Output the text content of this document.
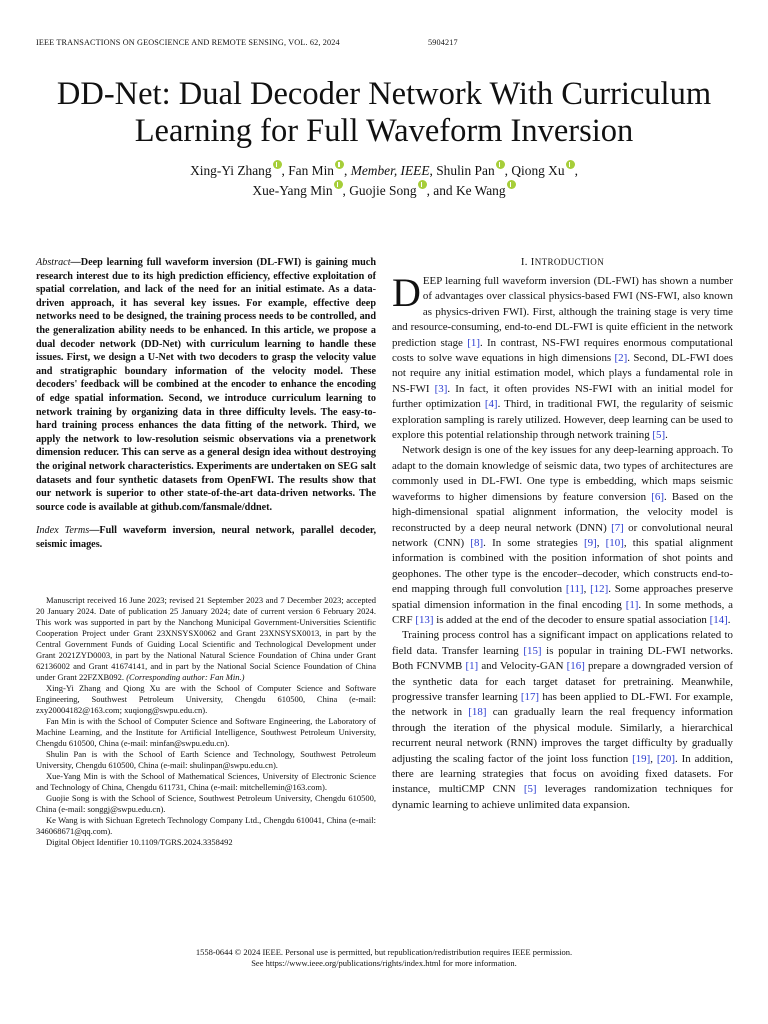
IEEE TRANSACTIONS ON GEOSCIENCE AND REMOTE SENSING, VOL. 62, 2024	5904217
DD-Net: Dual Decoder Network With Curriculum
Learning for Full Waveform Inversion
Xing-Yi Zhang , Fan Min , Member, IEEE, Shulin Pan , Qiong Xu ,
Xue-Yang Min , Guojie Song , and Ke Wang

Abstract—Deep learning full waveform inversion (DL-FWI) is gaining much research interest due to its high prediction efficiency, effective exploitation of spatial correlation, and lack of the need for an initial estimate. As a data-driven approach, it has several key issues. For example, effective deep networks need to be designed, the training process needs to be controlled, and the generalization ability needs to be enhanced. In this article, we propose a dual decoder network (DD-Net) with curriculum learning to handle these issues. First, we design a U-Net with two decoders to grasp the velocity value and stratigraphic boundary information of the velocity model. These decoders' feedback will be combined at the encoder to enhance the encoding of edge spatial information. Second, we introduce curriculum learning to network training by organizing data in three difficulty levels. The easy-to-hard training process enhances the data fitting of the network. Third, we apply the network to low-resolution seismic observations via a prenetwork dimension reducer. This can serve as a general design idea without destroying the original network characteristics. Experiments are undertaken on SEG salt datasets and four synthetic datasets from OpenFWI. The results show that our network is superior to other state-of-the-art data-driven networks. The source code is available at github.com/fansmale/ddnet.

Index Terms—Full waveform inversion, neural network, parallel decoder, seismic images.

Manuscript received 16 June 2023; revised 21 September 2023 and 7 December 2023; accepted 20 January 2024. Date of publication 25 January 2024; date of current version 6 February 2024. This work was supported in part by the Nanchong Municipal Government-Universities Scientific Cooperation Project under Grant 23XNSYSX0062 and Grant 23XNSYSX0013, in part by the Central Government Funds of Guiding Local Scientific and Technological Development under Grant 2021ZYD0003, in part by the National Natural Science Foundation of China under Grant 62136002 and Grant 41674141, and in part by the National Social Science Foundation of China under Grant 22FZXB092. (Corresponding author: Fan Min.)

Xing-Yi Zhang and Qiong Xu are with the School of Computer Science and Software Engineering, Southwest Petroleum University, Chengdu 610500, China (e-mail: zxy20004182@163.com; xuqiong@swpu.edu.cn).

Fan Min is with the School of Computer Science and Software Engineering, the Laboratory of Machine Learning, and the Institute for Artificial Intelligence, Southwest Petroleum University, Chengdu 610500, China (e-mail: minfan@swpu.edu.cn).

Shulin Pan is with the School of Earth Science and Technology, Southwest Petroleum University, Chengdu 610500, China (e-mail: shulinpan@swpu.edu.cn).

Xue-Yang Min is with the School of Mathematical Sciences, University of Electronic Science and Technology of China, Chengdu 611731, China (e-mail: mitchellemin@163.com).

Guojie Song is with the School of Science, Southwest Petroleum University, Chengdu 610500, China (e-mail: songgj@swpu.edu.cn).

Ke Wang is with Sichuan Egretech Technology Company Ltd., Chengdu 610041, China (e-mail: 346068671@qq.com).

Digital Object Identifier 10.1109/TGRS.2024.3358492

I. INTRODUCTION

DEEP learning full waveform inversion (DL-FWI) has shown a number of advantages over classical physics-based FWI (NS-FWI, also known as physics-driven FWI). First, although the training stage is very time and resource-consuming, end-to-end DL-FWI is quite efficient in the network prediction stage [1]. In contrast, NS-FWI requires enormous computational costs to solve wave equations in high dimensions [2]. Second, DL-FWI does not require any initial estimation model, which plays a fundamental role in NS-FWI [3]. In fact, it often provides NS-FWI with an initial model for further optimization [4]. Third, in traditional FWI, the regularity of seismic exploration sampling is rarely utilized. However, deep learning can be used to explore this potential relationship through network training [5].

Network design is one of the key issues for any deep-learning approach. To adapt to the domain knowledge of seismic data, two types of architectures are commonly used in DL-FWI. One type is embedding, which maps seismic waveforms to higher dimensions by feature conversion [6]. Based on the high-dimensional spatial alignment information, the velocity model is reconstructed by a deep neural network (DNN) [7] or convolutional neural network (CNN) [8]. In some strategies [9], [10], this spatial alignment information is combined with the position information of shot points and geophones. The other type is the encoder–decoder, which constructs end-to-end mapping through full convolution [11], [12]. Some approaches preserve spatial dimension information in the final encoding [1]. In some methods, a CRF [13] is added at the end of the decoder to ensure spatial association [14].

Training process control has a significant impact on applications related to field data. Transfer learning [15] is popular in training DL-FWI networks. Both FCNVMB [1] and Velocity-GAN [16] prepare a downgraded version of the synthetic data for each target dataset for pretraining. Meanwhile, progressive transfer learning [17] has been applied to DL-FWI. For example, the network in [18] can gradually learn the real frequency information through the iteration of the physical module. Similarly, a hierarchical recurrent neural network (RNN) improves the target difficulty by gradually adjusting the scaling factor of the joint loss function [19], [20]. In addition, there are learning strategies that focus on avoiding fixed datasets. For instance, multiCMP CNN [5] leverages randomization techniques for dynamic learning to achieve unlimited data expansion.

1558-0644 © 2024 IEEE. Personal use is permitted, but republication/redistribution requires IEEE permission.
See https://www.ieee.org/publications/rights/index.html for more information.
